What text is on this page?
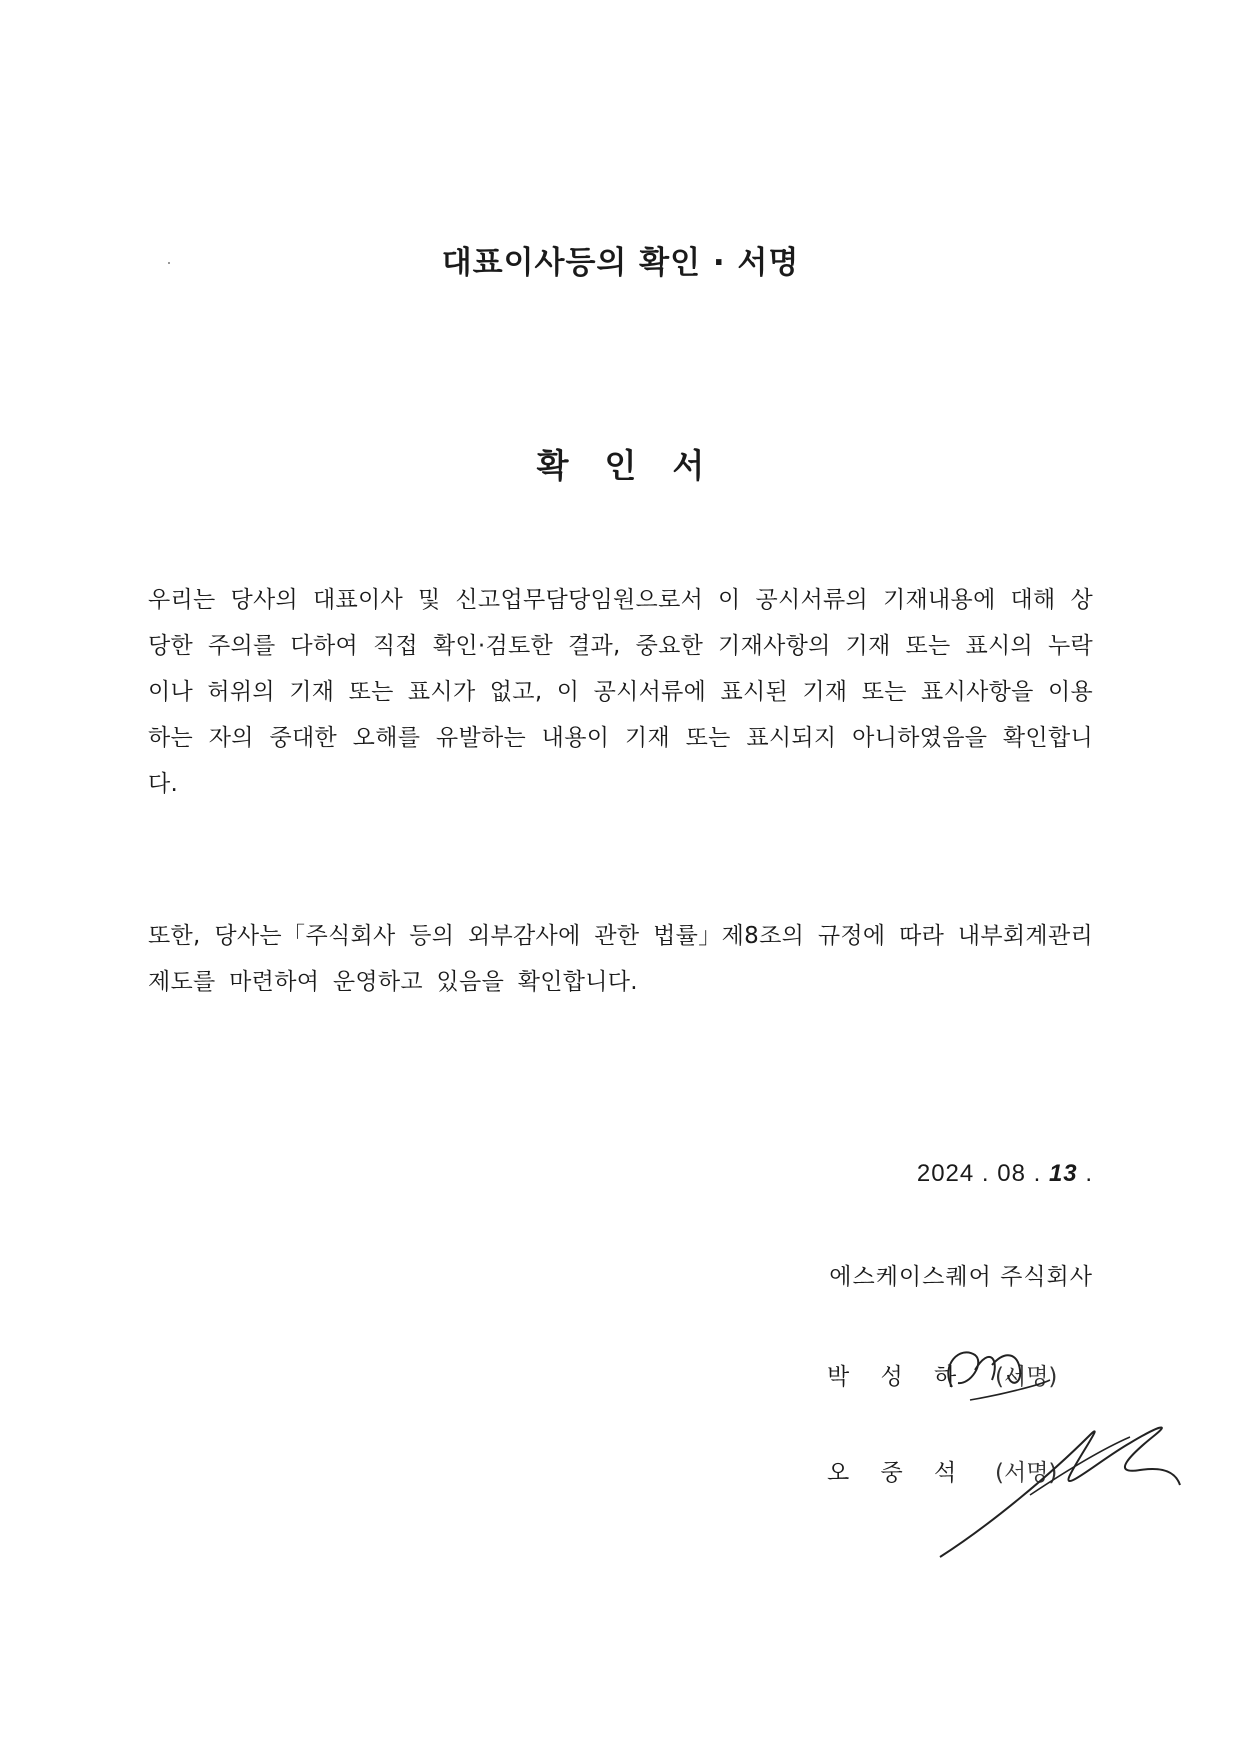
대표이사등의 확인 · 서명
확인서

우리는 당사의 대표이사 및 신고업무담당임원으로서 이 공시서류의 기재내용에 대해 상당한 주의를 다하여 직접 확인·검토한 결과, 중요한 기재사항의 기재 또는 표시의 누락이나 허위의 기재 또는 표시가 없고, 이 공시서류에 표시된 기재 또는 표시사항을 이용하는 자의 중대한 오해를 유발하는 내용이 기재 또는 표시되지 아니하였음을 확인합니다.

또한, 당사는「주식회사 등의 외부감사에 관한 법률」제8조의 규정에 따라 내부회계관리제도를 마련하여 운영하고 있음을 확인합니다.

2024 . 08 . 13 .
에스케이스퀘어 주식회사
박 성 하 (서명)
오 중 석 (서명)
